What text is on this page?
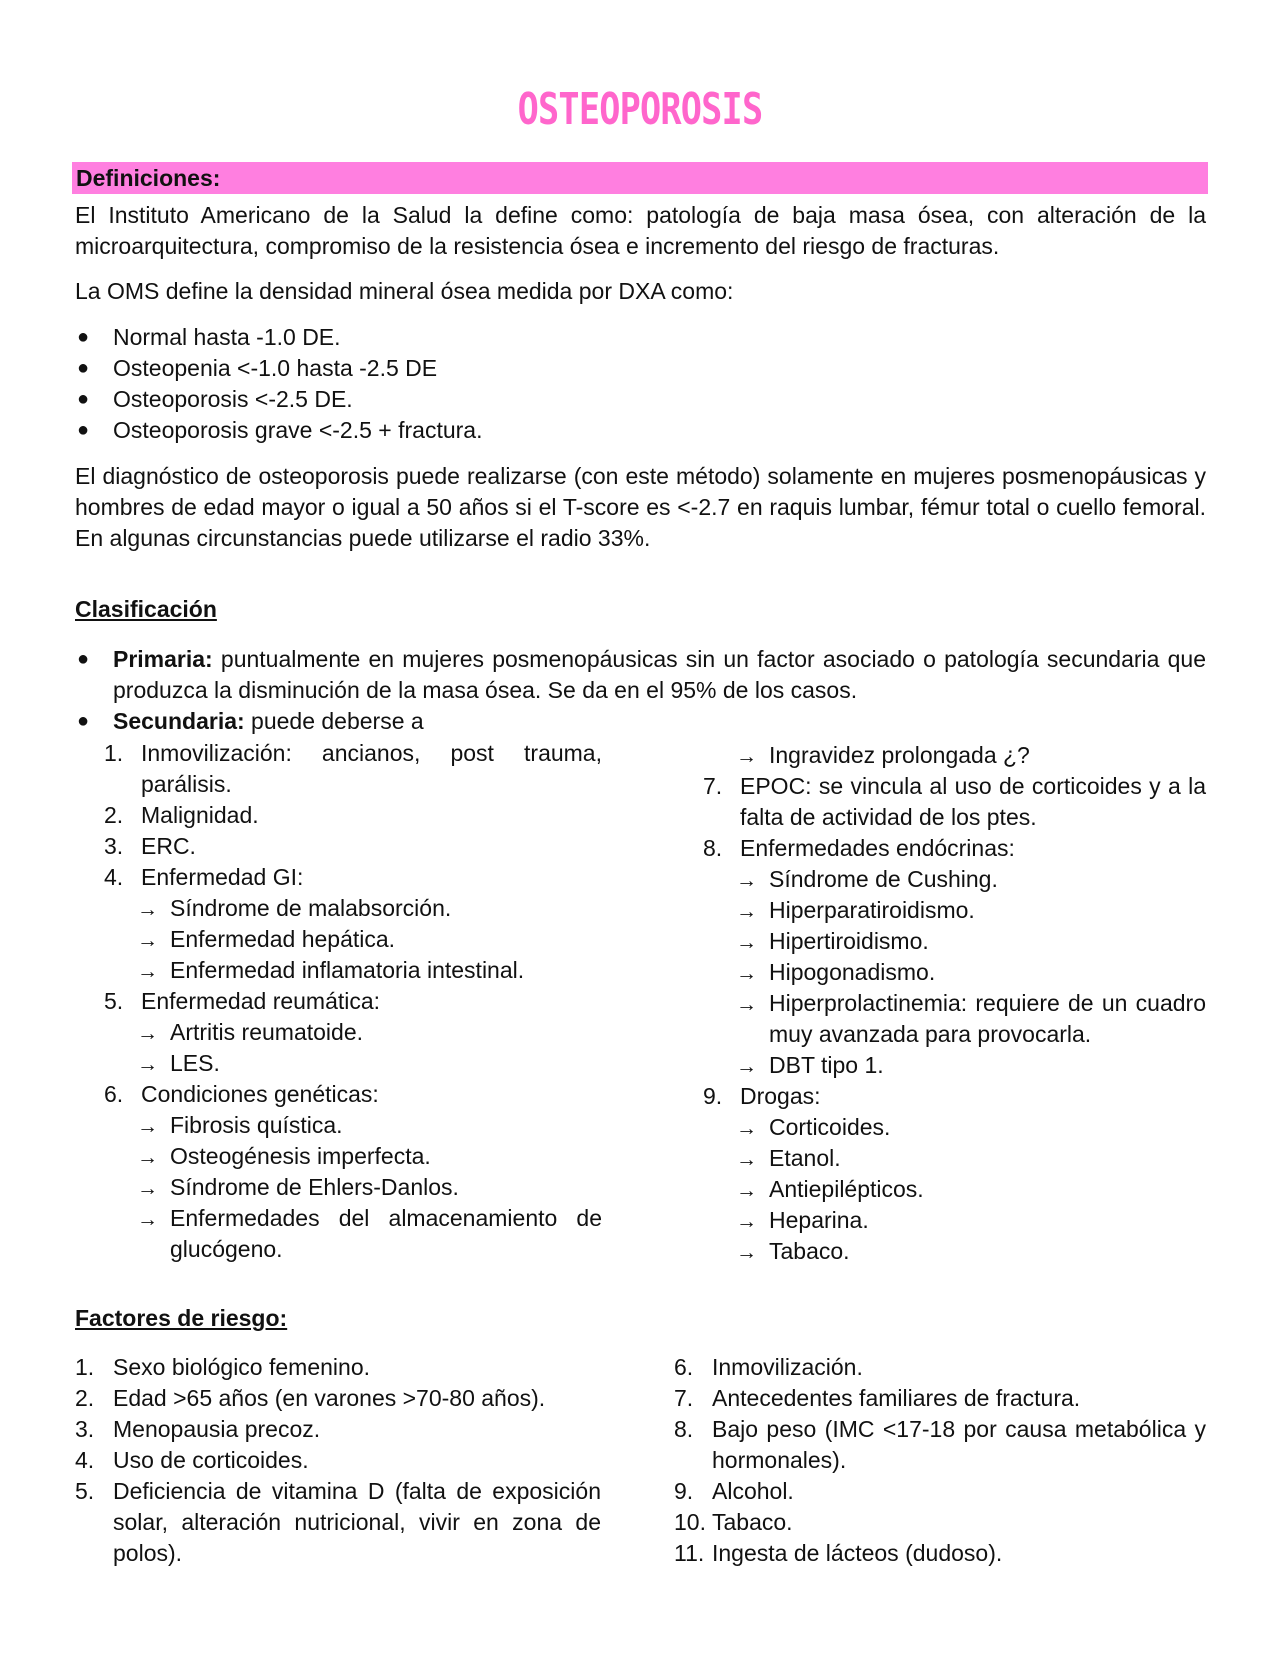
OSTEOPOROSIS
Definiciones:

El Instituto Americano de la Salud la define como: patología de baja masa ósea, con alteración de la microarquitectura, compromiso de la resistencia ósea e incremento del riesgo de fracturas.

La OMS define la densidad mineral ósea medida por DXA como:

● Normal hasta -1.0 DE.
● Osteopenia <-1.0 hasta -2.5 DE
● Osteoporosis <-2.5 DE.
● Osteoporosis grave <-2.5 + fractura.

El diagnóstico de osteoporosis puede realizarse (con este método) solamente en mujeres posmenopáusicas y hombres de edad mayor o igual a 50 años si el T-score es <-2.7 en raquis lumbar, fémur total o cuello femoral. En algunas circunstancias puede utilizarse el radio 33%.

Clasificación
● Primaria: puntualmente en mujeres posmenopáusicas sin un factor asociado o patología secundaria que produzca la disminución de la masa ósea. Se da en el 95% de los casos.
● Secundaria: puede deberse a
1. Inmovilización: ancianos, post trauma, parálisis.
2. Malignidad.
3. ERC.
4. Enfermedad GI:
→ Síndrome de malabsorción.
→ Enfermedad hepática.
→ Enfermedad inflamatoria intestinal.
5. Enfermedad reumática:
→ Artritis reumatoide.
→ LES.
6. Condiciones genéticas:
→ Fibrosis quística.
→ Osteogénesis imperfecta.
→ Síndrome de Ehlers-Danlos.
→ Enfermedades del almacenamiento de glucógeno.
→ Ingravidez prolongada ¿?
7. EPOC: se vincula al uso de corticoides y a la falta de actividad de los ptes.
8. Enfermedades endócrinas:
→ Síndrome de Cushing.
→ Hiperparatiroidismo.
→ Hipertiroidismo.
→ Hipogonadismo.
→ Hiperprolactinemia: requiere de un cuadro muy avanzada para provocarla.
→ DBT tipo 1.
9. Drogas:
→ Corticoides.
→ Etanol.
→ Antiepilépticos.
→ Heparina.
→ Tabaco.
Factores de riesgo:
1. Sexo biológico femenino.
2. Edad >65 años (en varones >70-80 años).
3. Menopausia precoz.
4. Uso de corticoides.
5. Deficiencia de vitamina D (falta de exposición solar, alteración nutricional, vivir en zona de polos).
6. Inmovilización.
7. Antecedentes familiares de fractura.
8. Bajo peso (IMC <17-18 por causa metabólica y hormonales).
9. Alcohol.
10. Tabaco.
11. Ingesta de lácteos (dudoso).
